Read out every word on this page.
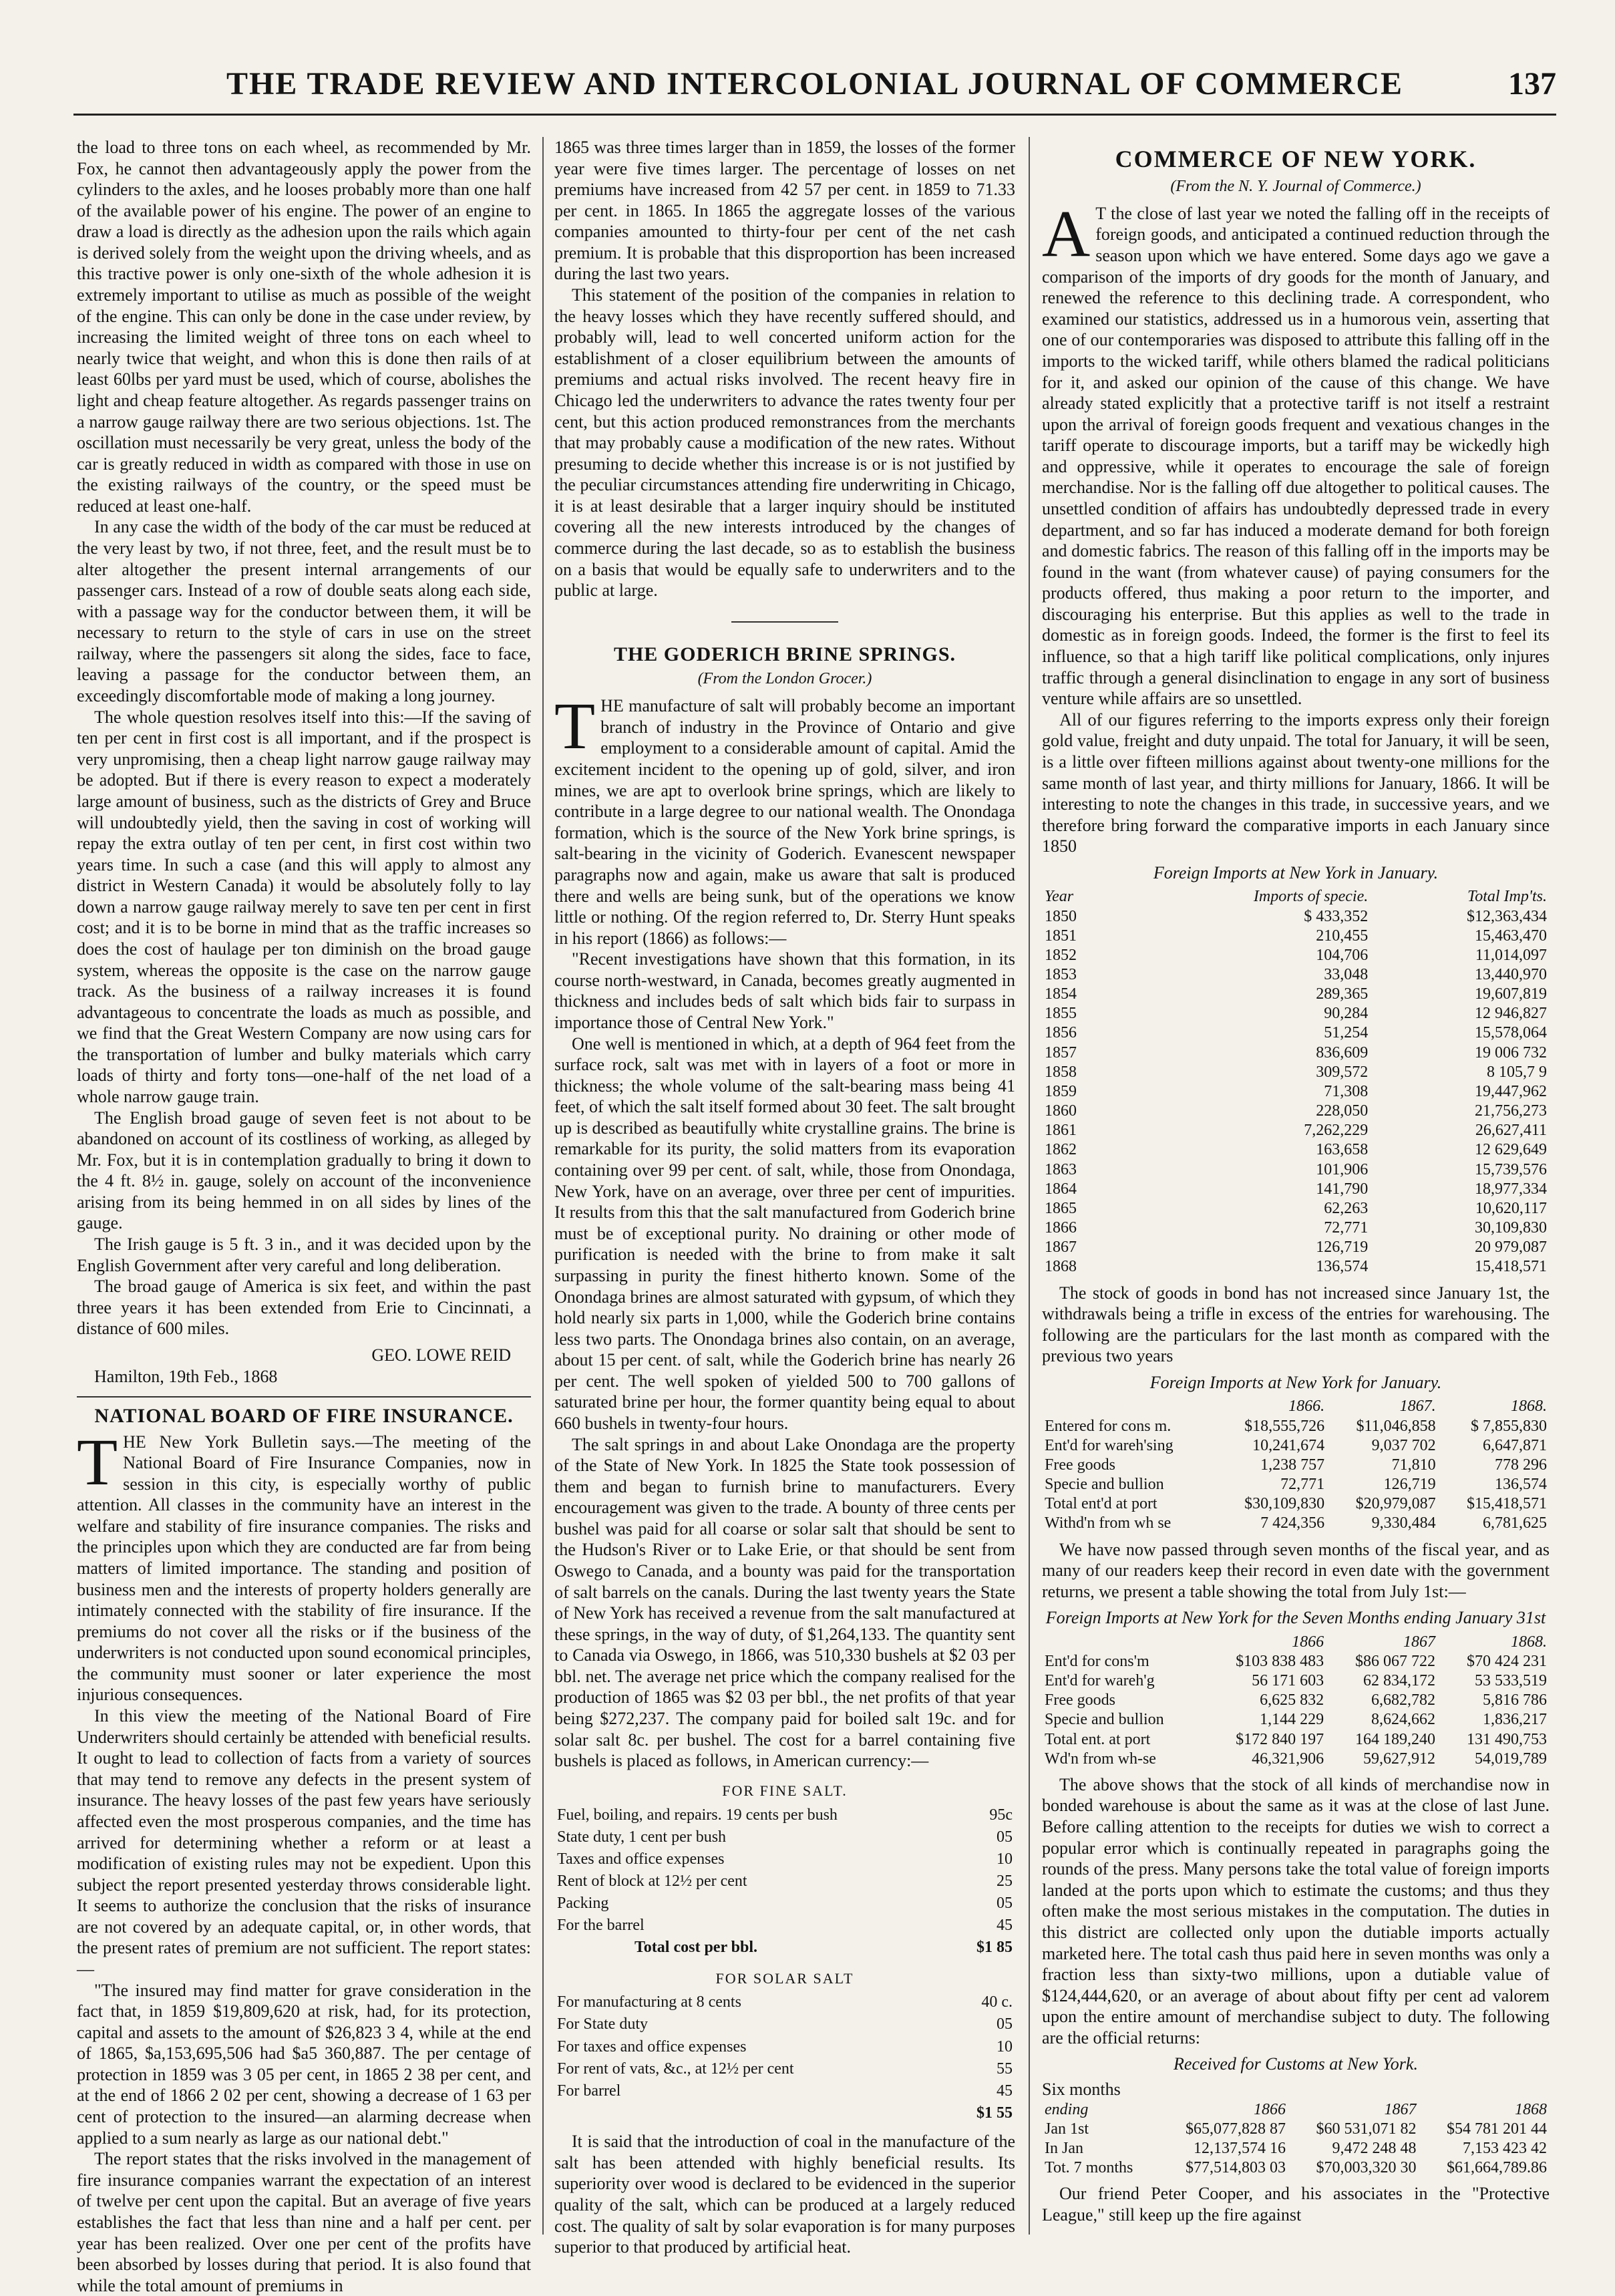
THE TRADE REVIEW AND INTERCOLONIAL JOURNAL OF COMMERCE	137

the load to three tons on each wheel, as recommended by Mr. Fox, he cannot then advantageously apply the power from the cylinders to the axles, and he looses probably more than one half of the available power of his engine. The power of an engine to draw a load is directly as the adhesion upon the rails which again is derived solely from the weight upon the driving wheels, and as this tractive power is only one-sixth of the whole adhesion it is extremely important to utilise as much as possible of the weight of the engine. This can only be done in the case under review, by increasing the limited weight of three tons on each wheel to nearly twice that weight, and whon this is done then rails of at least 60lbs per yard must be used, which of course, abolishes the light and cheap feature altogether. As regards passenger trains on a narrow gauge railway there are two serious objections. 1st. The oscillation must necessarily be very great, unless the body of the car is greatly reduced in width as compared with those in use on the existing railways of the country, or the speed must be reduced at least one-half.

In any case the width of the body of the car must be reduced at the very least by two, if not three, feet, and the result must be to alter altogether the present internal arrangements of our passenger cars. Instead of a row of double seats along each side, with a passage way for the conductor between them, it will be necessary to return to the style of cars in use on the street railway, where the passengers sit along the sides, face to face, leaving a passage for the conductor between them, an exceedingly discomfortable mode of making a long journey.

The whole question resolves itself into this:—If the saving of ten per cent in first cost is all important, and if the prospect is very unpromising, then a cheap light narrow gauge railway may be adopted. But if there is every reason to expect a moderately large amount of business, such as the districts of Grey and Bruce will undoubtedly yield, then the saving in cost of working will repay the extra outlay of ten per cent, in first cost within two years time. In such a case (and this will apply to almost any district in Western Canada) it would be absolutely folly to lay down a narrow gauge railway merely to save ten per cent in first cost; and it is to be borne in mind that as the traffic increases so does the cost of haulage per ton diminish on the broad gauge system, whereas the opposite is the case on the narrow gauge track. As the business of a railway increases it is found advantageous to concentrate the loads as much as possible, and we find that the Great Western Company are now using cars for the transportation of lumber and bulky materials which carry loads of thirty and forty tons—one-half of the net load of a whole narrow gauge train.

The English broad gauge of seven feet is not about to be abandoned on account of its costliness of working, as alleged by Mr. Fox, but it is in contemplation gradually to bring it down to the 4 ft. 8½ in. gauge, solely on account of the inconvenience arising from its being hemmed in on all sides by lines of the gauge.

The Irish gauge is 5 ft. 3 in., and it was decided upon by the English Government after very careful and long deliberation.

The broad gauge of America is six feet, and within the past three years it has been extended from Erie to Cincinnati, a distance of 600 miles.

GEO. LOWE REID

Hamilton, 19th Feb., 1868

NATIONAL BOARD OF FIRE INSURANCE.

THE New York Bulletin says.—The meeting of the National Board of Fire Insurance Companies, now in session in this city, is especially worthy of public attention. All classes in the community have an interest in the welfare and stability of fire insurance companies. The risks and the principles upon which they are conducted are far from being matters of limited importance. The standing and position of business men and the interests of property holders generally are intimately connected with the stability of fire insurance. If the premiums do not cover all the risks or if the business of the underwriters is not conducted upon sound economical principles, the community must sooner or later experience the most injurious consequences.

In this view the meeting of the National Board of Fire Underwriters should certainly be attended with beneficial results. It ought to lead to collection of facts from a variety of sources that may tend to remove any defects in the present system of insurance. The heavy losses of the past few years have seriously affected even the most prosperous companies, and the time has arrived for determining whether a reform or at least a modification of existing rules may not be expedient. Upon this subject the report presented yesterday throws considerable light. It seems to authorize the conclusion that the risks of insurance are not covered by an adequate capital, or, in other words, that the present rates of premium are not sufficient. The report states:—

"The insured may find matter for grave consideration in the fact that, in 1859 $19,809,620 at risk, had, for its protection, capital and assets to the amount of $26,823 3 4, while at the end of 1865, $a,153,695,506 had $a5 360,887. The per centage of protection in 1859 was 3 05 per cent, in 1865 2 38 per cent, and at the end of 1866 2 02 per cent, showing a decrease of 1 63 per cent of protection to the insured—an alarming decrease when applied to a sum nearly as large as our national debt."

The report states that the risks involved in the management of fire insurance companies warrant the expectation of an interest of twelve per cent upon the capital. But an average of five years establishes the fact that less than nine and a half per cent. per year has been realized. Over one per cent of the profits have been absorbed by losses during that period. It is also found that while the total amount of premiums in

1865 was three times larger than in 1859, the losses of the former year were five times larger. The percentage of losses on net premiums have increased from 42 57 per cent. in 1859 to 71.33 per cent. in 1865. In 1865 the aggregate losses of the various companies amounted to thirty-four per cent of the net cash premium. It is probable that this disproportion has been increased during the last two years.

This statement of the position of the companies in relation to the heavy losses which they have recently suffered should, and probably will, lead to well concerted uniform action for the establishment of a closer equilibrium between the amounts of premiums and actual risks involved. The recent heavy fire in Chicago led the underwriters to advance the rates twenty four per cent, but this action produced remonstrances from the merchants that may probably cause a modification of the new rates. Without presuming to decide whether this increase is or is not justified by the peculiar circumstances attending fire underwriting in Chicago, it is at least desirable that a larger inquiry should be instituted covering all the new interests introduced by the changes of commerce during the last decade, so as to establish the business on a basis that would be equally safe to underwriters and to the public at large.

THE GODERICH BRINE SPRINGS.
(From the London Grocer.)

THE manufacture of salt will probably become an important branch of industry in the Province of Ontario and give employment to a considerable amount of capital. Amid the excitement incident to the opening up of gold, silver, and iron mines, we are apt to overlook brine springs, which are likely to contribute in a large degree to our national wealth. The Onondaga formation, which is the source of the New York brine springs, is salt-bearing in the vicinity of Goderich. Evanescent newspaper paragraphs now and again, make us aware that salt is produced there and wells are being sunk, but of the operations we know little or nothing. Of the region referred to, Dr. Sterry Hunt speaks in his report (1866) as follows:—

"Recent investigations have shown that this formation, in its course north-westward, in Canada, becomes greatly augmented in thickness and includes beds of salt which bids fair to surpass in importance those of Central New York."

One well is mentioned in which, at a depth of 964 feet from the surface rock, salt was met with in layers of a foot or more in thickness; the whole volume of the salt-bearing mass being 41 feet, of which the salt itself formed about 30 feet. The salt brought up is described as beautifully white crystalline grains. The brine is remarkable for its purity, the solid matters from its evaporation containing over 99 per cent. of salt, while, those from Onondaga, New York, have on an average, over three per cent of impurities. It results from this that the salt manufactured from Goderich brine must be of exceptional purity. No draining or other mode of purification is needed with the brine to from make it salt surpassing in purity the finest hitherto known. Some of the Onondaga brines are almost saturated with gypsum, of which they hold nearly six parts in 1,000, while the Goderich brine contains less two parts. The Onondaga brines also contain, on an average, about 15 per cent. of salt, while the Goderich brine has nearly 26 per cent. The well spoken of yielded 500 to 700 gallons of saturated brine per hour, the former quantity being equal to about 660 bushels in twenty-four hours.

The salt springs in and about Lake Onondaga are the property of the State of New York. In 1825 the State took possession of them and began to furnish brine to manufacturers. Every encouragement was given to the trade. A bounty of three cents per bushel was paid for all coarse or solar salt that should be sent to the Hudson's River or to Lake Erie, or that should be sent from Oswego to Canada, and a bounty was paid for the transportation of salt barrels on the canals. During the last twenty years the State of New York has received a revenue from the salt manufactured at these springs, in the way of duty, of $1,264,133. The quantity sent to Canada via Oswego, in 1866, was 510,330 bushels at $2 03 per bbl. net. The average net price which the company realised for the production of 1865 was $2 03 per bbl., the net profits of that year being $272,237. The company paid for boiled salt 19c. and for solar salt 8c. per bushel. The cost for a barrel containing five bushels is placed as follows, in American currency:—

FOR FINE SALT.
Fuel, boiling, and repairs. 19 cents per bush	95c
State duty, 1 cent per bush	05
Taxes and office expenses	10
Rent of block at 12½ per cent	25
Packing	05
For the barrel	45
Total cost per bbl.	$1 85
FOR SOLAR SALT
For manufacturing at 8 cents	40 c.
For State duty	05
For taxes and office expenses	10
For rent of vats, &c., at 12½ per cent	55
For barrel	45
	$1 55

It is said that the introduction of coal in the manufacture of the salt has been attended with highly beneficial results. Its superiority over wood is declared to be evidenced in the superior quality of the salt, which can be produced at a largely reduced cost. The quality of salt by solar evaporation is for many purposes superior to that produced by artificial heat.

COMMERCE OF NEW YORK.
(From the N. Y. Journal of Commerce.)

AT the close of last year we noted the falling off in the receipts of foreign goods, and anticipated a continued reduction through the season upon which we have entered. Some days ago we gave a comparison of the imports of dry goods for the month of January, and renewed the reference to this declining trade. A correspondent, who examined our statistics, addressed us in a humorous vein, asserting that one of our contemporaries was disposed to attribute this falling off in the imports to the wicked tariff, while others blamed the radical politicians for it, and asked our opinion of the cause of this change. We have already stated explicitly that a protective tariff is not itself a restraint upon the arrival of foreign goods frequent and vexatious changes in the tariff operate to discourage imports, but a tariff may be wickedly high and oppressive, while it operates to encourage the sale of foreign merchandise. Nor is the falling off due altogether to political causes. The unsettled condition of affairs has undoubtedly depressed trade in every department, and so far has induced a moderate demand for both foreign and domestic fabrics. The reason of this falling off in the imports may be found in the want (from whatever cause) of paying consumers for the products offered, thus making a poor return to the importer, and discouraging his enterprise. But this applies as well to the trade in domestic as in foreign goods. Indeed, the former is the first to feel its influence, so that a high tariff like political complications, only injures traffic through a general disinclination to engage in any sort of business venture while affairs are so unsettled.

All of our figures referring to the imports express only their foreign gold value, freight and duty unpaid. The total for January, it will be seen, is a little over fifteen millions against about twenty-one millions for the same month of last year, and thirty millions for January, 1866. It will be interesting to note the changes in this trade, in successive years, and we therefore bring forward the comparative imports in each January since 1850

Foreign Imports at New York in January.
Year	Imports of specie.	Total Imp'ts.
1850	$ 433,352	$12,363,434
1851	210,455	15,463,470
1852	104,706	11,014,097
1853	33,048	13,440,970
1854	289,365	19,607,819
1855	90,284	12 946,827
1856	51,254	15,578,064
1857	836,609	19 006 732
1858	309,572	8 105,7 9
1859	71,308	19,447,962
1860	228,050	21,756,273
1861	7,262,229	26,627,411
1862	163,658	12 629,649
1863	101,906	15,739,576
1864	141,790	18,977,334
1865	62,263	10,620,117
1866	72,771	30,109,830
1867	126,719	20 979,087
1868	136,574	15,418,571

The stock of goods in bond has not increased since January 1st, the withdrawals being a trifle in excess of the entries for warehousing. The following are the particulars for the last month as compared with the previous two years

Foreign Imports at New York for January.
	1866.	1867.	1868.
Entered for cons m.	$18,555,726	$11,046,858	$ 7,855,830
Ent'd for wareh'sing	10,241,674	9,037 702	6,647,871
Free goods	1,238 757	71,810	778 296
Specie and bullion	72,771	126,719	136,574
Total ent'd at port	$30,109,830	$20,979,087	$15,418,571
Withd'n from wh se	7 424,356	9,330,484	6,781,625

We have now passed through seven months of the fiscal year, and as many of our readers keep their record in even date with the government returns, we present a table showing the total from July 1st:—

Foreign Imports at New York for the Seven Months ending January 31st
	1866	1867	1868.
Ent'd for cons'm	$103 838 483	$86 067 722	$70 424 231
Ent'd for wareh'g	56 171 603	62 834,172	53 533,519
Free goods	6,625 832	6,682,782	5,816 786
Specie and bullion	1,144 229	8,624,662	1,836,217
Total ent. at port	$172 840 197	164 189,240	131 490,753
Wd'n from wh-se	46,321,906	59,627,912	54,019,789

The above shows that the stock of all kinds of merchandise now in bonded warehouse is about the same as it was at the close of last June. Before calling attention to the receipts for duties we wish to correct a popular error which is continually repeated in paragraphs going the rounds of the press. Many persons take the total value of foreign imports landed at the ports upon which to estimate the customs; and thus they often make the most serious mistakes in the computation. The duties in this district are collected only upon the dutiable imports actually marketed here. The total cash thus paid here in seven months was only a fraction less than sixty-two millions, upon a dutiable value of $124,444,620, or an average of about about fifty per cent ad valorem upon the entire amount of merchandise subject to duty. The following are the official returns:

Received for Customs at New York.
Six months
ending	1866	1867	1868
Jan 1st	$65,077,828 87	$60 531,071 82	$54 781 201 44
In Jan	12,137,574 16	9,472 248 48	7,153 423 42
Tot. 7 months	$77,514,803 03	$70,003,320 30	$61,664,789.86

Our friend Peter Cooper, and his associates in the "Protective League," still keep up the fire against
